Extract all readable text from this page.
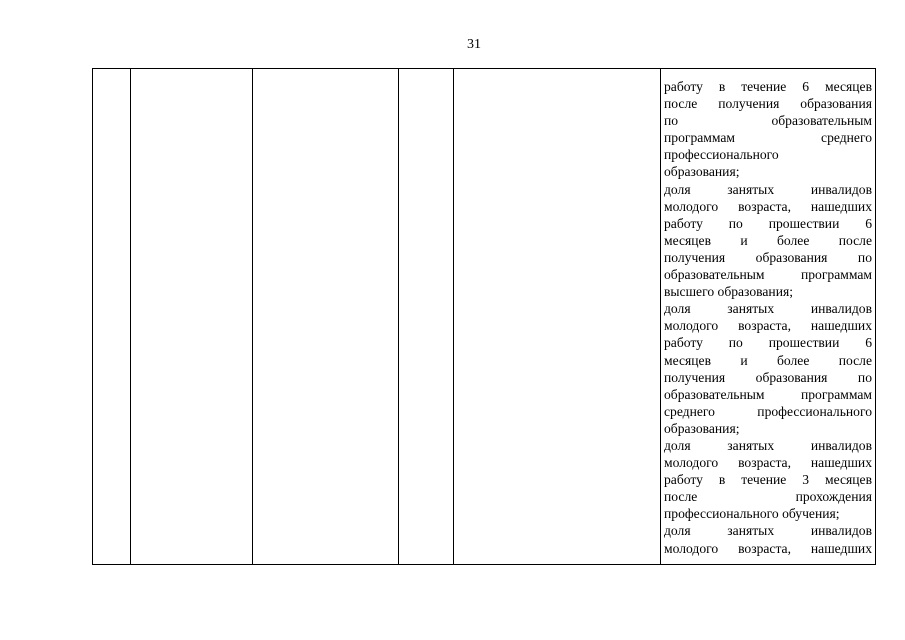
31

работу в течение 6 месяцев
после получения образования
по образовательным
программам среднего
профессионального
образования;
доля занятых инвалидов
молодого возраста, нашедших
работу по прошествии 6
месяцев и более после
получения образования по
образовательным программам
высшего образования;
доля занятых инвалидов
молодого возраста, нашедших
работу по прошествии 6
месяцев и более после
получения образования по
образовательным программам
среднего профессионального
образования;
доля занятых инвалидов
молодого возраста, нашедших
работу в течение 3 месяцев
после прохождения
профессионального обучения;
доля занятых инвалидов
молодого возраста, нашедших
